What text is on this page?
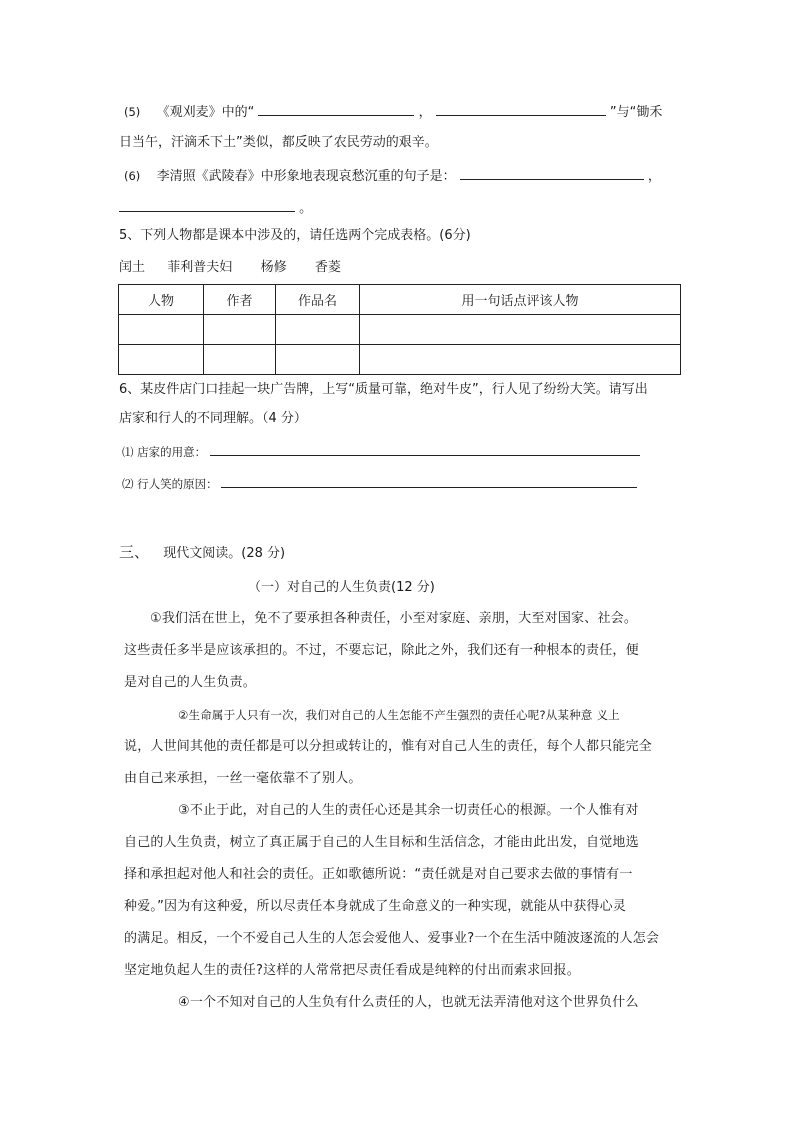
(5) 《观刈麦》中的“	，	”与“锄禾
日当午，汗滴禾下土”类似，都反映了农民劳动的艰辛。
(6) 李清照《武陵春》中形象地表现哀愁沉重的句子是：	，
。
5、下列人物都是课本中涉及的，请任选两个完成表格。(6分)
闰土 菲利普夫妇 杨修 香菱
人物	作者	作品名	用一句话点评该人物

6、某皮件店门口挂起一块广告牌，上写“质量可靠，绝对牛皮”，行人见了纷纷大笑。请写出
店家和行人的不同理解。（4 分）
⑴ 店家的用意：
⑵ 行人笑的原因：
三、 现代文阅读。(28 分)
（一）对自己的人生负责(12 分)
①我们活在世上，免不了要承担各种责任，小至对家庭、亲朋，大至对国家、社会。
这些责任多半是应该承担的。不过，不要忘记，除此之外，我们还有一种根本的责任，便
是对自己的人生负责。
②生命属于人只有一次，我们对自己的人生怎能不产生强烈的责任心呢?从某种意 义上
说，人世间其他的责任都是可以分担或转让的，惟有对自己人生的责任，每个人都只能完全
由自己来承担，一丝一毫依靠不了别人。
③不止于此，对自己的人生的责任心还是其余一切责任心的根源。一个人惟有对
自己的人生负责，树立了真正属于自己的人生目标和生活信念，才能由此出发，自觉地选
择和承担起对他人和社会的责任。正如歌德所说：“责任就是对自己要求去做的事情有一
种爱。”因为有这种爱，所以尽责任本身就成了生命意义的一种实现，就能从中获得心灵
的满足。相反，一个不爱自己人生的人怎会爱他人、爱事业?一个在生活中随波逐流的人怎会
坚定地负起人生的责任?这样的人常常把尽责任看成是纯粹的付出而索求回报。
④一个不知对自己的人生负有什么责任的人，也就无法弄清他对这个世界负什么
